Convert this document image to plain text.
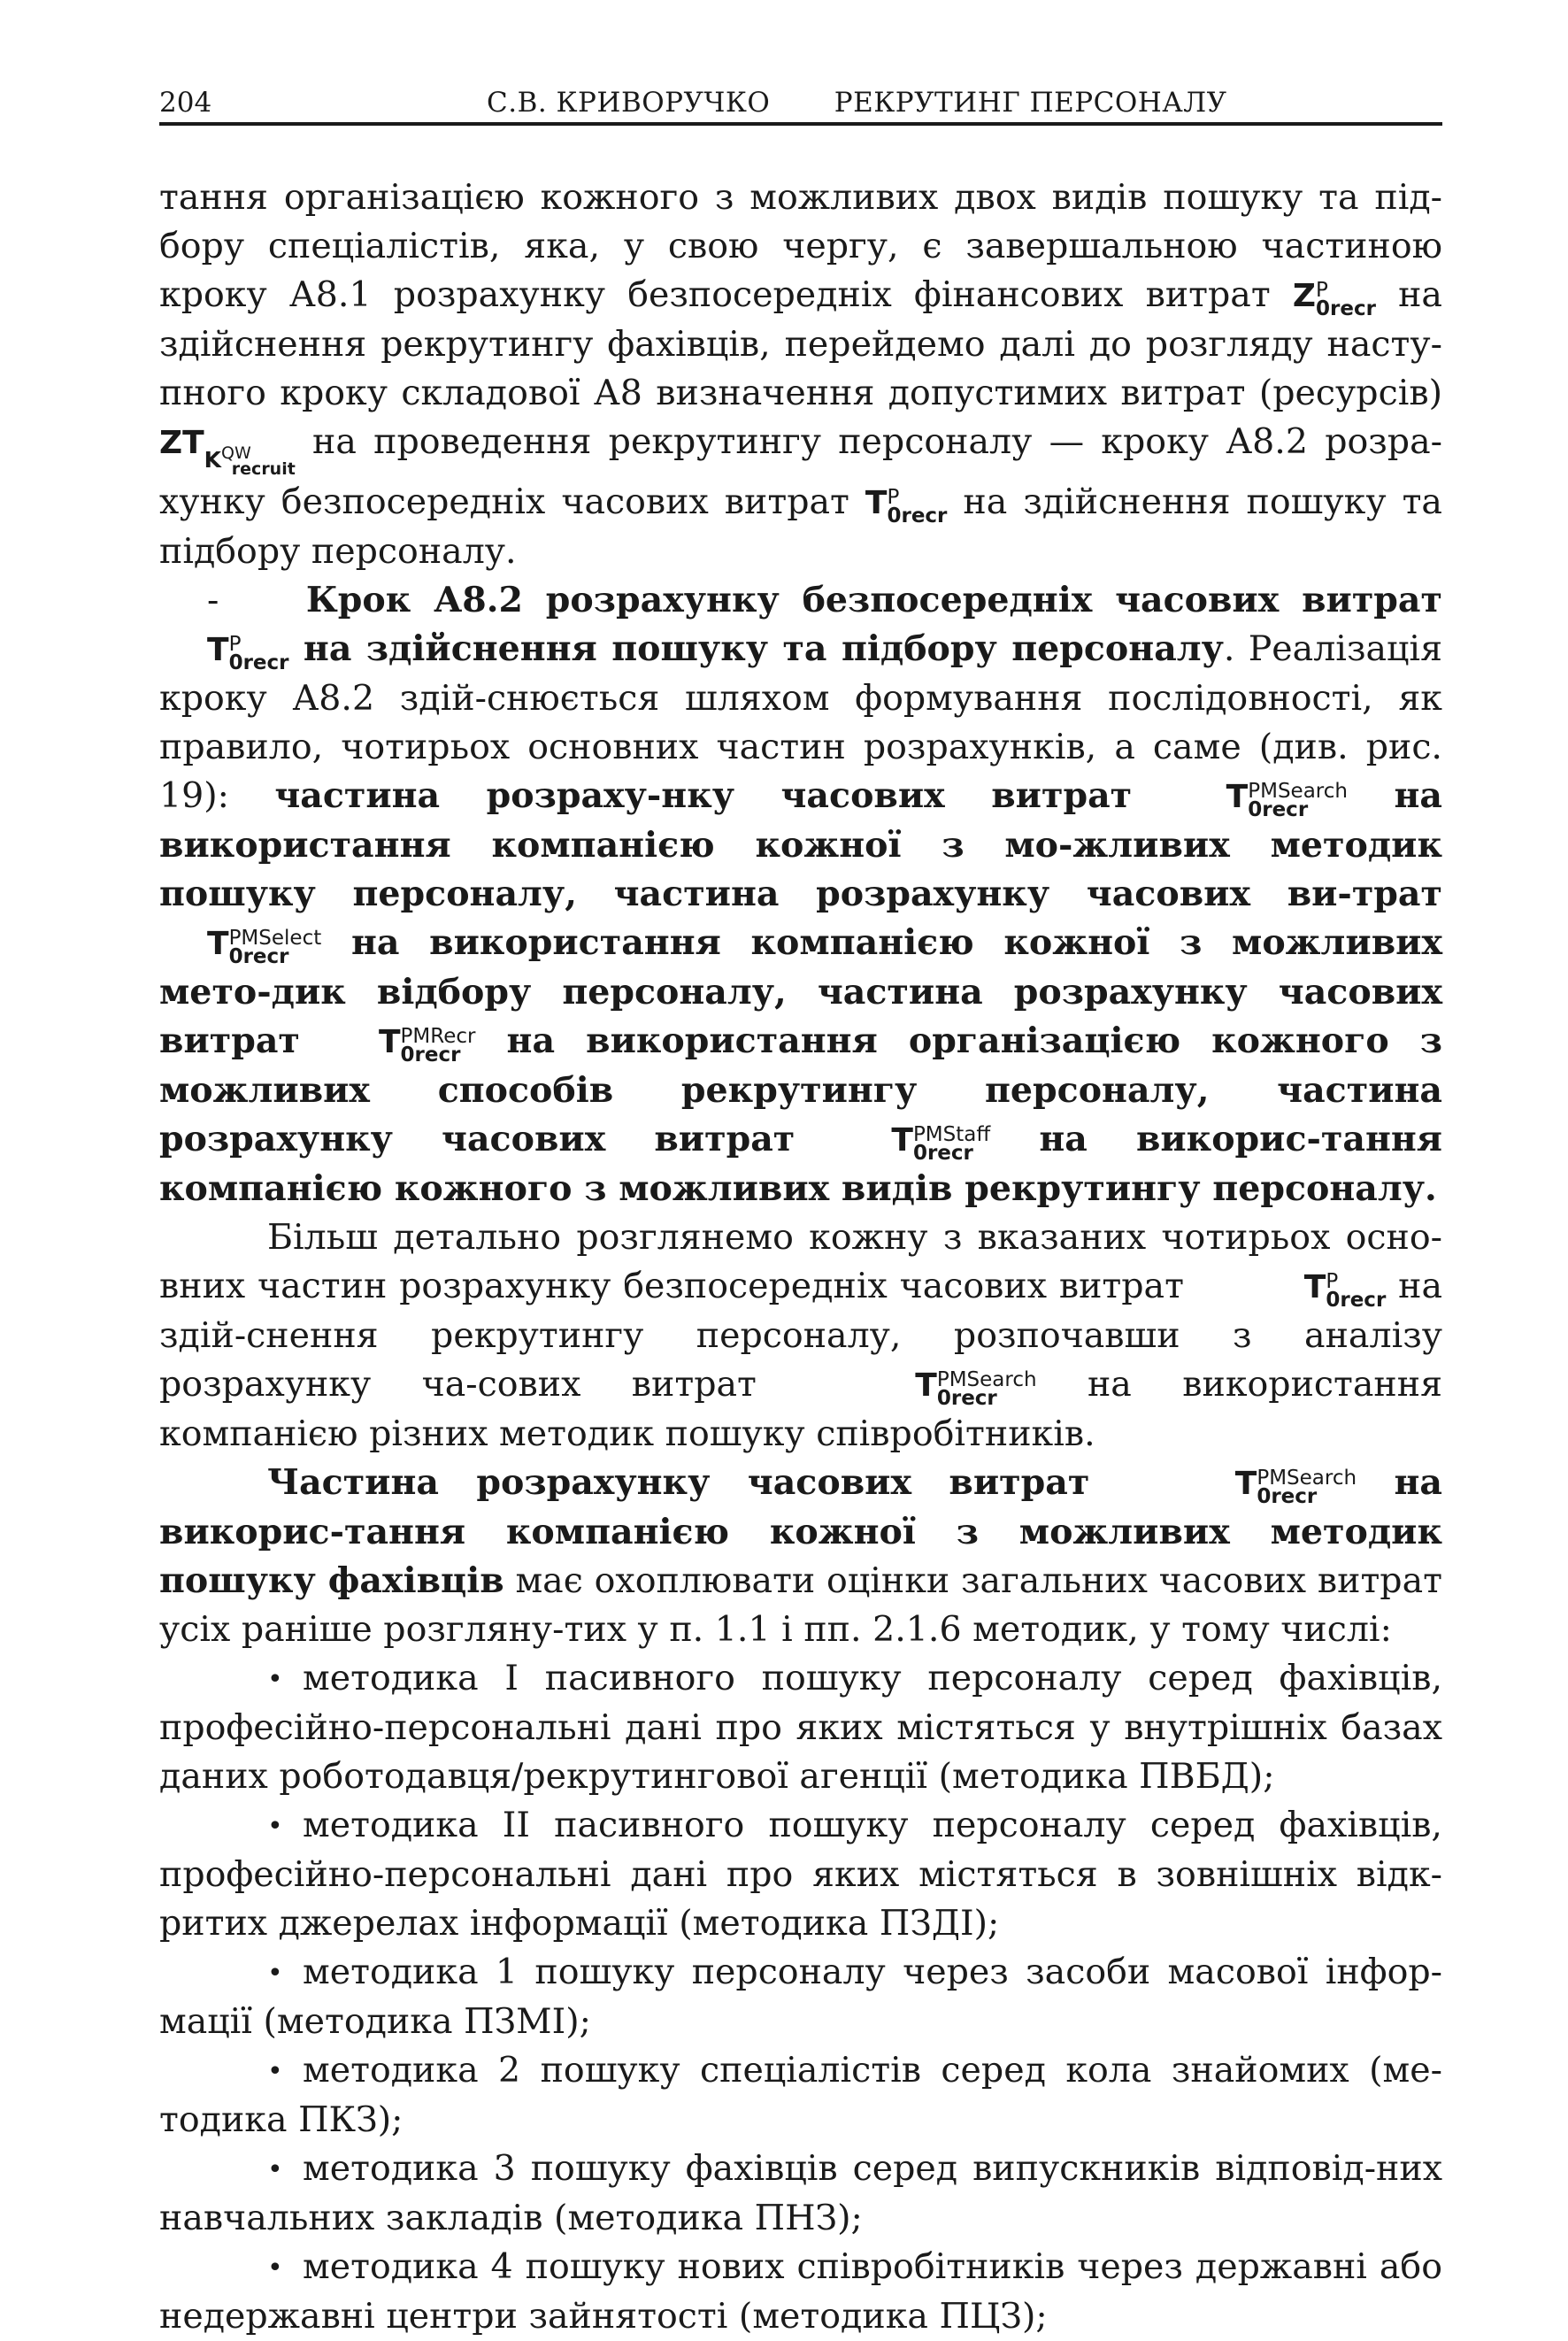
204	С.В. КРИВОРУЧКО       РЕКРУТИНГ ПЕРСОНАЛУ

тання організацією кожного з можливих двох видів пошуку та під-бору спеціалістів, яка, у свою чергу, є завершальною частиною кроку А8.1 розрахунку безпосередніх фінансових витрат Z P
0recr на здійснення рекрутингу фахівців, перейдемо далі до розгляду насту-пного кроку складової А8 визначення допустимих витрат (ресурсів) $ZTK^{QW}_{recruit}$ на проведення рекрутингу персоналу — кроку А8.2 розра-хунку безпосередніх часових витрат T P
0recr на здійснення пошуку та підбору персоналу.

- Крок А8.2 розрахунку безпосередніх часових витрат T P
0recr на здійснення пошуку та підбору персоналу. Реалізація кроку А8.2 здій-снюється шляхом формування послідовності, як правило, чотирьох основних частин розрахунків, а саме (див. рис. 19): частина розраху-нку часових витрат T PMSearch
0recr	на використання компанією кожної з мо-жливих методик пошуку персоналу, частина розрахунку часових ви-трат T PMSelect
0recr на використання компанією кожної з можливих мето-дик відбору персоналу, частина розрахунку часових витрат T PMRecr
0recr на використання організацією кожного з можливих способів рекрутингу персоналу, частина розрахунку часових витрат T PMStaff
0recr на викорис-тання компанією кожного з можливих видів рекрутингу персоналу.

Більш детально розглянемо кожну з вказаних чотирьох осно-вних частин розрахунку безпосередніх часових витрат	T P
0recr на здій-снення рекрутингу персоналу, розпочавши з аналізу розрахунку ча-сових витрат	T PMSearch
0recr	на використання компанією різних методик пошуку співробітників.

Частина розрахунку часових витрат	T PMSearch
0recr	на викорис-тання компанією кожної з можливих методик пошуку фахівців має охоплювати оцінки загальних часових витрат усіх раніше розгляну-тих у п. 1.1 і пп. 2.1.6 методик, у тому числі:

• методика I пасивного пошуку персоналу серед фахівців, професійно-персональні дані про яких містяться у внутрішніх базах даних роботодавця/рекрутингової агенції (методика ПВБД);
• методика II пасивного пошуку персоналу серед фахівців, професійно-персональні дані про яких містяться в зовнішніх відк-ритих джерелах інформації (методика ПЗДІ);
• методика 1 пошуку персоналу через засоби масової інфор-мації (методика ПЗМІ);
• методика 2 пошуку спеціалістів серед кола знайомих (ме-тодика ПКЗ);
• методика 3 пошуку фахівців серед випускників відповід-них навчальних закладів (методика ПНЗ);
• методика 4 пошуку нових співробітників через державні або недержавні центри зайнятості (методика ПЦЗ);
